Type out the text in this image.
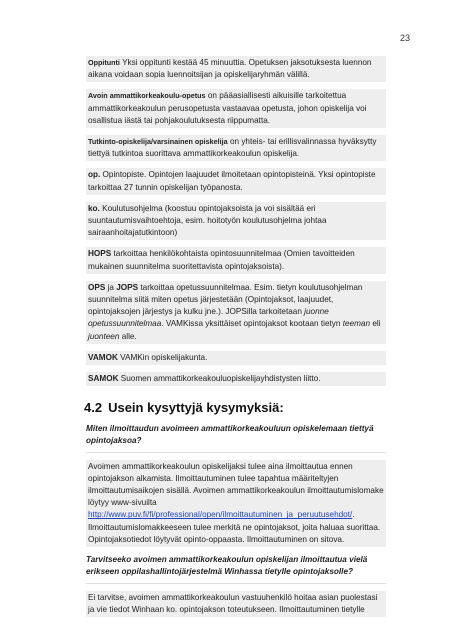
23
Oppitunti Yksi oppitunti kestää 45 minuuttia. Opetuksen jaksotuksesta luennon aikana voidaan sopia luennoitsijan ja opiskelijaryhmän välillä.
Avoin ammattikorkeakoulu-opetus on pääasiallisesti aikuisille tarkoitettua ammattikorkeakoulun perusopetusta vastaavaa opetusta, johon opiskelija voi osallistua iästä tai pohjakoulutuksesta riippumatta.
Tutkinto-opiskelija/varsinainen opiskelija on yhteis- tai erillisvalinnassa hyväksytty tiettyä tutkintoa suorittava ammattikorkeakoulun opiskelija.
op. Opintopiste. Opintojen laajuudet ilmoitetaan opintopisteinä. Yksi opintopiste tarkoittaa 27 tunnin opiskelijan työpanosta.
ko. Koulutusohjelma (koostuu opintojaksoista ja voi sisältää eri suuntautumisvaihtoehtoja, esim. hoitotyön koulutusohjelma johtaa sairaanhoitajatutkintoon)
HOPS tarkoittaa henkilökohtaista opintosuunnitelmaa (Omien tavoitteiden mukainen suunnitelma suoritettavista opintojaksoista).
OPS ja JOPS tarkoittaa opetussuunnitelmaa. Esim. tietyn koulutusohjelman suunnitelma siitä miten opetus järjestetään (Opintojaksot, laajuudet, opintojaksojen järjestys ja kulku jne.). JOPSilla tarkoitetaan juonne opetussuunnitelmaa. VAMKissa yksittäiset opintojaksot kootaan tietyn teeman eli juonteen alle.
VAMOK VAMKin opiskelijakunta.
SAMOK Suomen ammattikorkeakouluopiskelijayhdistysten liitto.
4.2 Usein kysyttyjä kysymyksiä:
Miten ilmoittaudun avoimeen ammattikorkeakouluun opiskelemaan tiettyä opintojaksoa?
Avoimen ammattikorkeakoulun opiskelijaksi tulee aina ilmoittautua ennen opintojakson alkamista. Ilmoittautuminen tulee tapahtua määriteltyjen ilmoittautumisaikojen sisällä. Avoimen ammattikorkeakoulun ilmoittautumislomake löytyy www-sivuilta http://www.puv.fi/fi/professional/open/ilmoittautuminen_ja_peruutusehdot/. Ilmoittautumislomakkeeseen tulee merkitä ne opintojaksot, joita haluaa suorittaa. Opintojaksotiedot löytyvät opinto-oppaasta. Ilmoittautuminen on sitova.
Tarvitseeko avoimen ammattikorkeakoulun opiskelijan ilmoittautua vielä erikseen oppilashallintojärjestelmä Winhassa tietylle opintojaksolle?
Ei tarvitse, avoimen ammattikorkeakoulun vastuuhenkilö hoitaa asian puolestasi ja vie tiedot Winhaan ko. opintojakson toteutukseen. Ilmoittautuminen tietylle
